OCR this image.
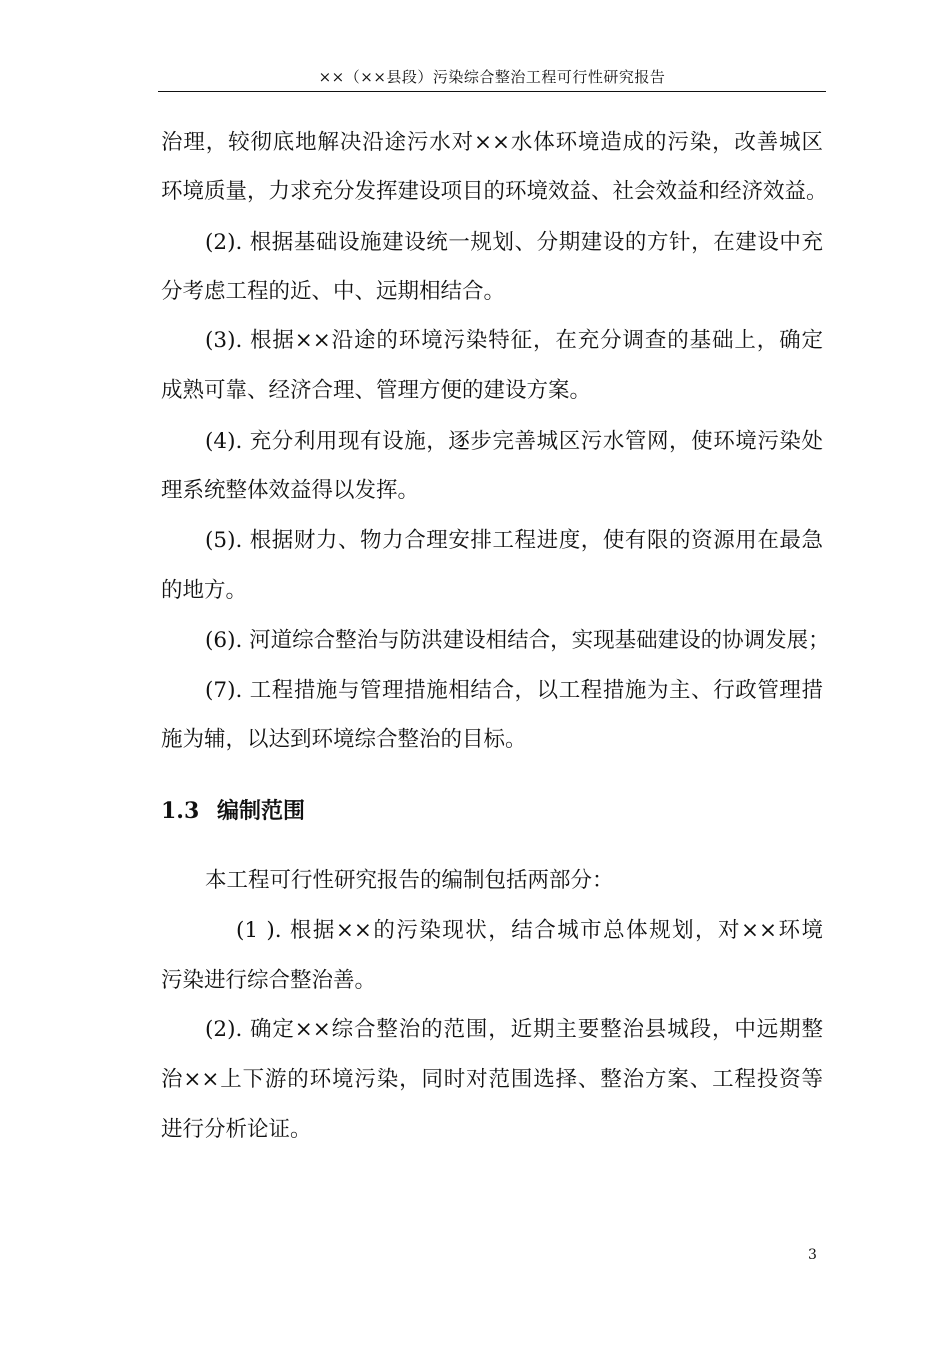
××（××县段）污染综合整治工程可行性研究报告
治理，较彻底地解决沿途污水对××水体环境造成的污染，改善城区
环境质量，力求充分发挥建设项目的环境效益、社会效益和经济效益。
(2). 根据基础设施建设统一规划、分期建设的方针，在建设中充
分考虑工程的近、中、远期相结合。
(3). 根据××沿途的环境污染特征，在充分调查的基础上，确定
成熟可靠、经济合理、管理方便的建设方案。
(4). 充分利用现有设施，逐步完善城区污水管网，使环境污染处
理系统整体效益得以发挥。
(5). 根据财力、物力合理安排工程进度，使有限的资源用在最急
的地方。
(6). 河道综合整治与防洪建设相结合，实现基础建设的协调发展；
(7). 工程措施与管理措施相结合，以工程措施为主、行政管理措
施为辅，以达到环境综合整治的目标。
1.3 编制范围
本工程可行性研究报告的编制包括两部分：
(1 ). 根据××的污染现状，结合城市总体规划，对××环境
污染进行综合整治善。
(2). 确定××综合整治的范围，近期主要整治县城段，中远期整
治××上下游的环境污染，同时对范围选择、整治方案、工程投资等
进行分析论证。
3
